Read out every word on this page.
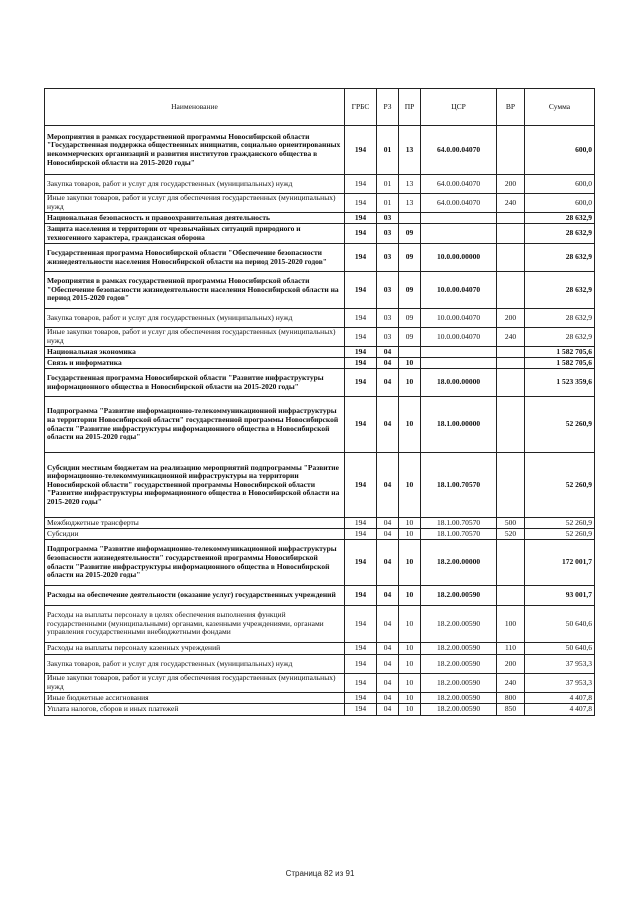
Наименование	ГРБС	РЗ	ПР	ЦСР	ВР	Сумма
Мероприятия в рамках государственной программы Новосибирской области "Государственная поддержка общественных инициатив, социально ориентированных некоммерческих организаций и развития институтов гражданского общества в Новосибирской области на 2015-2020 годы"	194	01	13	64.0.00.04070		600,0
Закупка товаров, работ и услуг для государственных (муниципальных) нужд	194	01	13	64.0.00.04070	200	600,0
Иные закупки товаров, работ и услуг для обеспечения государственных (муниципальных) нужд	194	01	13	64.0.00.04070	240	600,0
Национальная безопасность и правоохранительная деятельность	194	03				28 632,9
Защита населения и территории от чрезвычайных ситуаций природного и техногенного характера, гражданская оборона	194	03	09			28 632,9
Государственная программа Новосибирской области "Обеспечение безопасности жизнедеятельности населения Новосибирской области на период 2015-2020 годов"	194	03	09	10.0.00.00000		28 632,9
Мероприятия в рамках государственной программы Новосибирской области "Обеспечение безопасности жизнедеятельности населения Новосибирской области на период 2015-2020 годов"	194	03	09	10.0.00.04070		28 632,9
Закупка товаров, работ и услуг для государственных (муниципальных) нужд	194	03	09	10.0.00.04070	200	28 632,9
Иные закупки товаров, работ и услуг для обеспечения государственных (муниципальных) нужд	194	03	09	10.0.00.04070	240	28 632,9
Национальная экономика	194	04				1 582 705,6
Связь и информатика	194	04	10			1 582 705,6
Государственная программа Новосибирской области "Развитие инфраструктуры информационного общества в Новосибирской области на 2015-2020 годы"	194	04	10	18.0.00.00000		1 523 359,6
Подпрограмма "Развитие информационно-телекоммуникационной инфраструктуры на территории Новосибирской области" государственной программы Новосибирской области "Развитие инфраструктуры информационного общества в Новосибирской области на 2015-2020 годы"	194	04	10	18.1.00.00000		52 260,9
Субсидии местным бюджетам на реализацию мероприятий подпрограммы "Развитие информационно-телекоммуникационной инфраструктуры на территории Новосибирской области" государственной программы Новосибирской области "Развитие инфраструктуры информационного общества в Новосибирской области на 2015-2020 годы"	194	04	10	18.1.00.70570		52 260,9
Межбюджетные трансферты	194	04	10	18.1.00.70570	500	52 260,9
Субсидии	194	04	10	18.1.00.70570	520	52 260,9
Подпрограмма "Развитие информационно-телекоммуникационной инфраструктуры безопасности жизнедеятельности" государственной программы Новосибирской области "Развитие инфраструктуры информационного общества в Новосибирской области на 2015-2020 годы"	194	04	10	18.2.00.00000		172 001,7
Расходы на обеспечение деятельности (оказание услуг) государственных учреждений	194	04	10	18.2.00.00590		93 001,7
Расходы на выплаты персоналу в целях обеспечения выполнения функций государственными (муниципальными) органами, казенными учреждениями, органами управления государственными внебюджетными фондами	194	04	10	18.2.00.00590	100	50 640,6
Расходы на выплаты персоналу казенных учреждений	194	04	10	18.2.00.00590	110	50 640,6
Закупка товаров, работ и услуг для государственных (муниципальных) нужд	194	04	10	18.2.00.00590	200	37 953,3
Иные закупки товаров, работ и услуг для обеспечения государственных (муниципальных) нужд	194	04	10	18.2.00.00590	240	37 953,3
Иные бюджетные ассигнования	194	04	10	18.2.00.00590	800	4 407,8
Уплата налогов, сборов и иных платежей	194	04	10	18.2.00.00590	850	4 407,8
Страница 82 из 91
